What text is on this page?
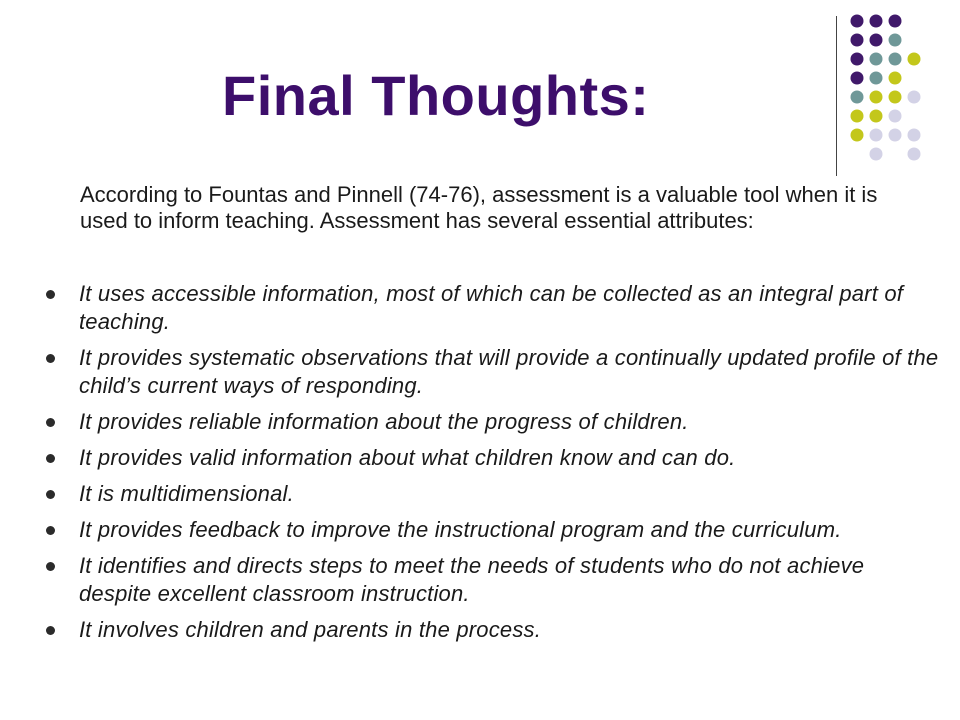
Final Thoughts:

According to Fountas and Pinnell (74-76), assessment is a valuable tool when it is used to inform teaching. Assessment has several essential attributes:

It uses accessible information, most of which can be collected as an integral part of teaching.
It provides systematic observations that will provide a continually updated profile of the child’s current ways of responding.
It provides reliable information about the progress of children.
It provides valid information about what children know and can do.
It is multidimensional.
It provides feedback to improve the instructional program and the curriculum.
It identifies and directs steps to meet the needs of students who do not achieve despite excellent classroom instruction.
It involves children and parents in the process.
